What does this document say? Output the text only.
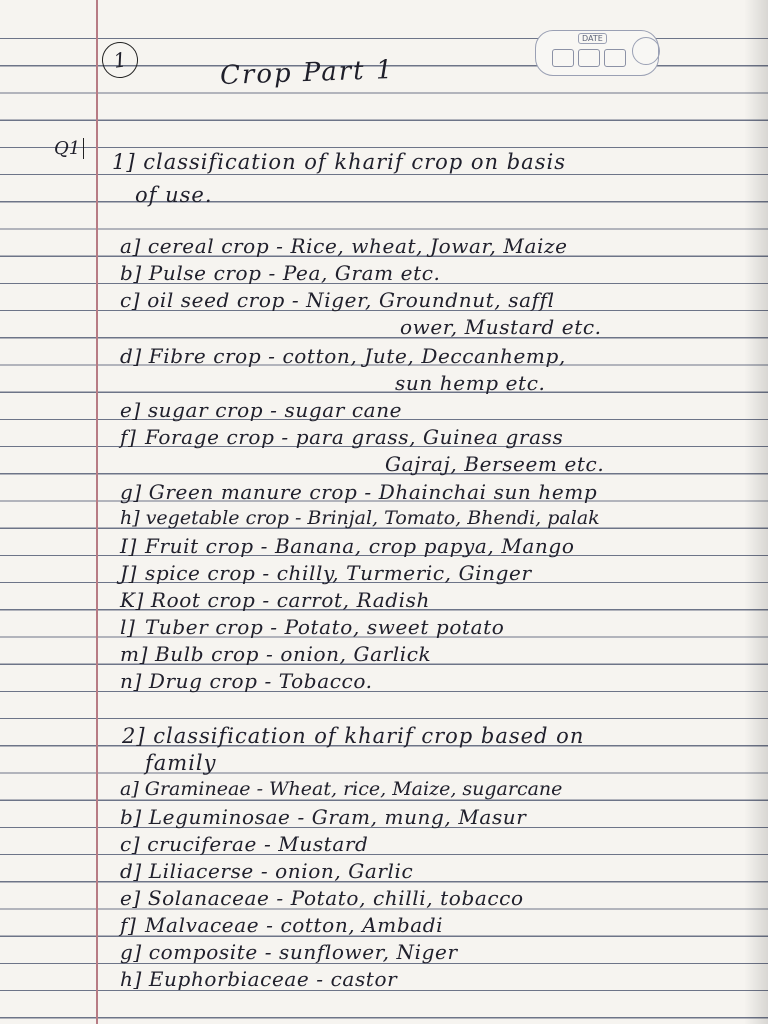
1	Crop Part 1
DATE
Q1
1] classification of kharif crop on basis
of use.
a] cereal crop - Rice, wheat, Jowar, Maize
b] Pulse crop - Pea, Gram etc.
c] oil seed crop - Niger, Groundnut, saffl
ower, Mustard etc.
d] Fibre crop - cotton, Jute, Deccanhemp,
sun hemp etc.
e] sugar crop - sugar cane
f] Forage crop - para grass, Guinea grass
Gajraj, Berseem etc.
g] Green manure crop - Dhainchai sun hemp
h] vegetable crop - Brinjal, Tomato, Bhendi, palak
I] Fruit crop - Banana, crop papya, Mango
J] spice crop - chilly, Turmeric, Ginger
K] Root crop - carrot, Radish
l] Tuber crop - Potato, sweet potato
m] Bulb crop - onion, Garlick
n] Drug crop - Tobacco.
2] classification of kharif crop based on
family
a] Gramineae - Wheat, rice, Maize, sugarcane
b] Leguminosae - Gram, mung, Masur
c] cruciferae - Mustard
d] Liliacerse - onion, Garlic
e] Solanaceae - Potato, chilli, tobacco
f] Malvaceae - cotton, Ambadi
g] composite - sunflower, Niger
h] Euphorbiaceae - castor
